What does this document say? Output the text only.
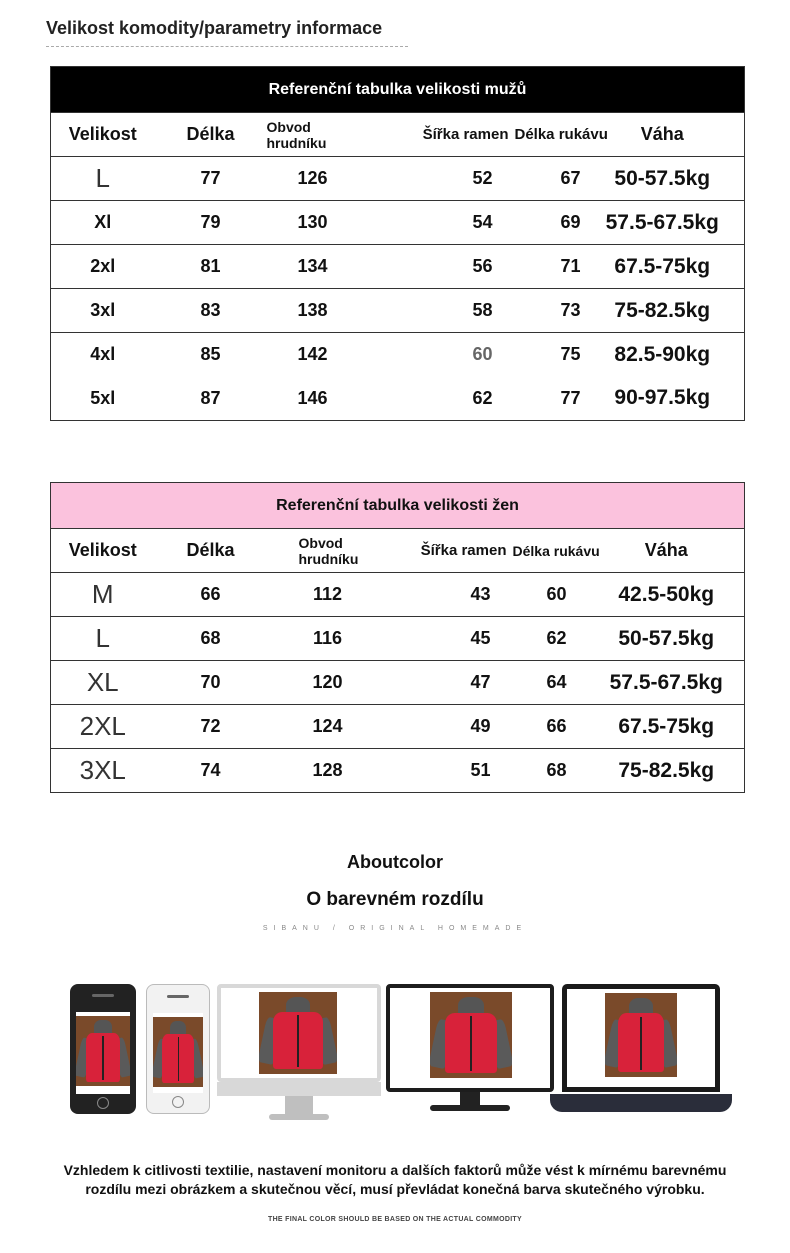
Velikost komodity/parametry informace
Referenční tabulka velikosti mužů					
Velikost	Délka	Obvod hrudníku	Šířka ramen	Délka rukávu	Váha
L	77	126	52	67	50-57.5kg
Xl	79	130	54	69	57.5-67.5kg
2xl	81	134	56	71	67.5-75kg
3xl	83	138	58	73	75-82.5kg
4xl	85	142	60	75	82.5-90kg
5xl	87	146	62	77	90-97.5kg
Referenční tabulka velikosti žen					
Velikost	Délka	Obvod hrudníku	Šířka ramen	Délka rukávu	Váha
M	66	112	43	60	42.5-50kg
L	68	116	45	62	50-57.5kg
XL	70	120	47	64	57.5-67.5kg
2XL	72	124	49	66	67.5-75kg
3XL	74	128	51	68	75-82.5kg
Aboutcolor
O barevném rozdílu
SIBANU / ORIGINAL HOMEMADE
Vzhledem k citlivosti textilie, nastavení monitoru a dalších faktorů může vést k mírnému barevnému
rozdílu mezi obrázkem a skutečnou věcí, musí převládat konečná barva skutečného výrobku.
THE FINAL COLOR SHOULD BE BASED ON THE ACTUAL COMMODITY
